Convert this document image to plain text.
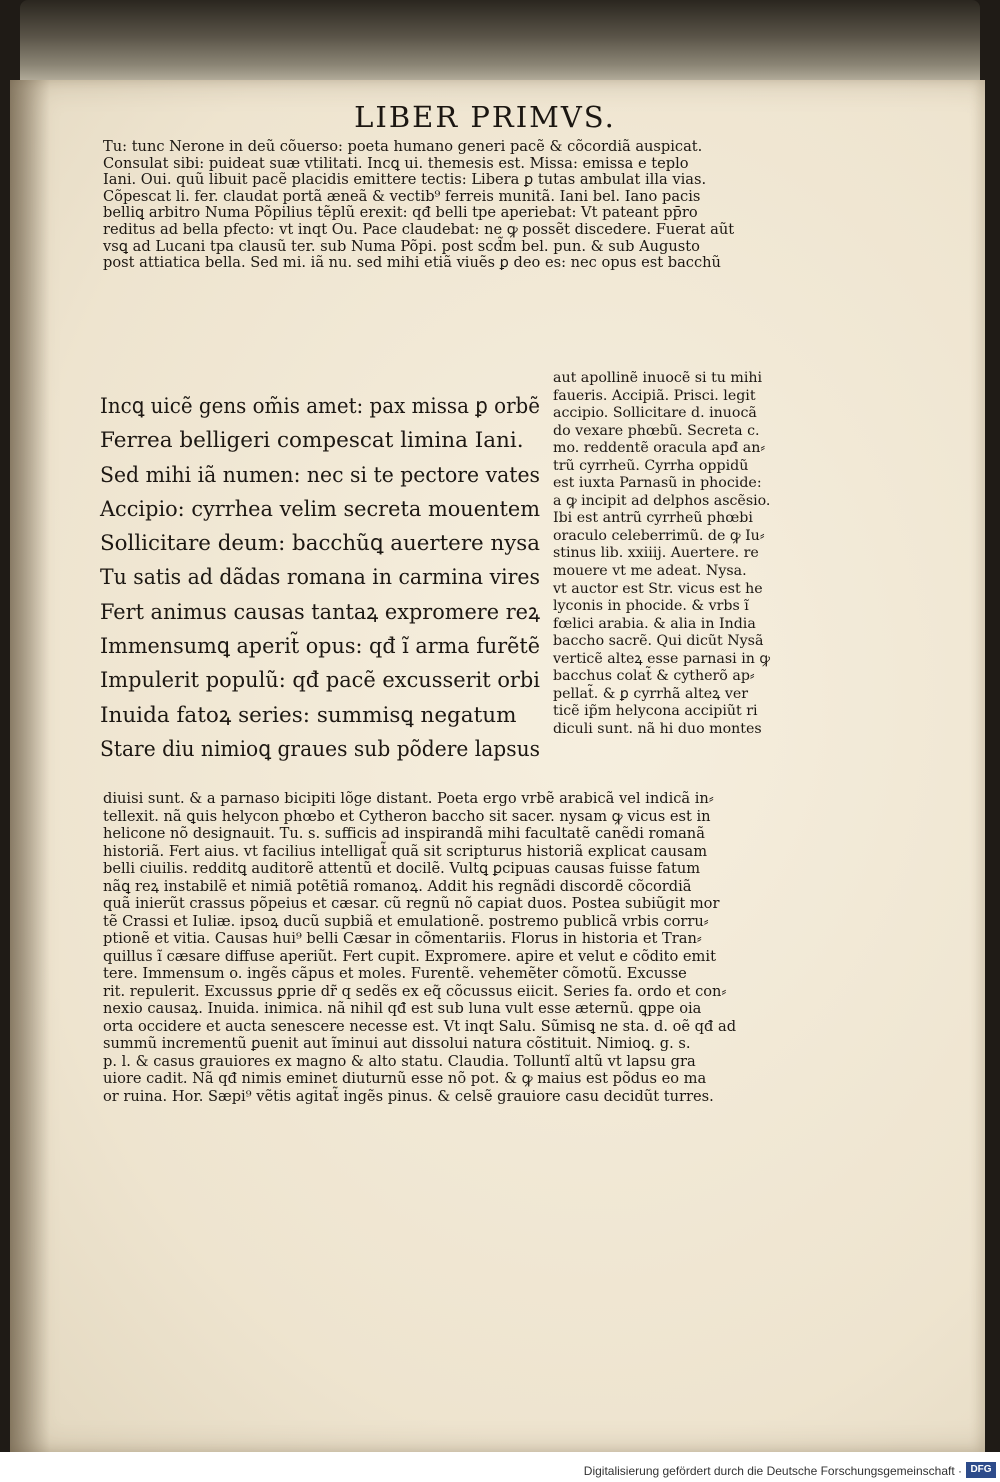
LIBER PRIMVS.
Tu: tunc Nerone in deũ cõuerso: poeta humano generi pacẽ & cõcordiã auspicat.
Consulat sibi: puideat suæ vtilitati. Incꝗ ui. themesis est. Missa: emissa e teplo
Iani. Oui. quũ libuit pacẽ placidis emittere tectis: Libera ꝑ tutas ambulat illa vias.
Cõpescat li. fer. claudat portã æneã & vectib⁹ ferreis munitã. Iani bel. Iano pacis
belliꝗ arbitro Numa Põpilius tẽplũ erexit: qđ belli tpe aperiebat: Vt pateant pp̄ro
reditus ad bella pfecto: vt inqt Ou. Pace claudebat: ne ꝙ possẽt discedere. Fuerat aũt
vsꝗ ad Lucani tpa clausũ ter. sub Numa Põpi. post scd̃m bel. pun. & sub Augusto
post attiatica bella. Sed mi. iã nu. sed mihi etiã viuẽs ꝑ deo es: nec opus est bacchũ
Incꝗ uicẽ gens om̃is amet: pax missa ꝑ orbẽ
Ferrea belligeri compescat limina Iani.
Sed mihi iã numen: nec si te pectore vates
Accipio: cyrrhea velim secreta mouentem
Sollicitare deum: bacchũꝗ auertere nysa
Tu satis ad dãdas romana in carmina vires
Fert animus causas tantaꝝ expromere reꝝ
Immensumꝗ aperit̃ opus: qđ ĩ arma furẽtẽ
Impulerit populũ: qđ pacẽ excusserit orbi
Inuida fatoꝝ series: summisꝗ negatum
Stare diu nimioꝗ graues sub põdere lapsus
aut apollinẽ inuocẽ si tu mihi
faueris. Accipiã. Prisci. legit
accipio. Sollicitare d. inuocã
do vexare phœbũ. Secreta c.
mo. reddentẽ oracula apđ an⸗
trũ cyrrheũ. Cyrrha oppidũ
est iuxta Parnasũ in phocide:
a ꝙ incipit ad delphos ascẽsio.
Ibi est antrũ cyrrheũ phœbi
oraculo celeberrimũ. de ꝙ Iu⸗
stinus lib. xxiiij. Auertere. re
mouere vt me adeat. Nysa.
vt auctor est Str. vicus est he
lyconis in phocide. & vrbs ĩ
fœlici arabia. & alia in India
baccho sacrẽ. Qui dicũt Nysã
verticẽ alteꝝ esse parnasi in ꝙ
bacchus colat̃ & cytherõ ap⸗
pellat̃. & ꝑ cyrrhã alteꝝ ver
ticẽ ip̃m helycona accipiũt ri
diculi sunt. nã hi duo montes
diuisi sunt. & a parnaso bicipiti lõge distant. Poeta ergo vrbẽ arabicã vel indicã in⸗
tellexit. nã ꝗuis helycon phœbo et Cytheron baccho sit sacer. nysam ꝙ vicus est in
helicone nõ designauit. Tu. s. sufficis ad inspirandã mihi facultatẽ canẽdi romanã
historiã. Fert aius. vt facilius intelligat̃ quã sit scripturus historiã explicat causam
belli ciuilis. redditꝗ auditorẽ attentũ et docilẽ. Vultꝗ ꝑcipuas causas fuisse fatum
nãꝗ reꝝ instabilẽ et nimiã potẽtiã romanoꝝ. Addit his regnãdi discordẽ cõcordiã
quã inierũt crassus põpeius et cæsar. cũ regnũ nõ capiat duos. Postea subiũgit mor
tẽ Crassi et Iuliæ. ipsoꝝ ducũ supbiã et emulationẽ. postremo publicã vrbis corru⸗
ptionẽ et vitia. Causas hui⁹ belli Cæsar in cõmentariis. Florus in historia et Tran⸗
quillus ĩ cæsare diffuse aperiũt. Fert cupit. Expromere. apire et velut e cõdito emit
tere. Immensum o. ingẽs cãpus et moles. Furentẽ. vehemẽter cõmotũ. Excusse
rit. repulerit. Excussus ꝑprie dr̃ q sedẽs ex eq̃ cõcussus eiicit. Series fa. ordo et con⸗
nexio causaꝝ. Inuida. inimica. nã nihil qđ est sub luna vult esse æternũ. ꝗppe oia
orta occidere et aucta senescere necesse est. Vt inqt Salu. Sũmisꝗ ne sta. d. oẽ qđ ad
summũ incrementũ ꝑuenit aut ĩminui aut dissolui natura cõstituit. Nimioꝗ. g. s.
p. l. & casus grauiores ex magno & alto statu. Claudia. Tolluntĩ altũ vt lapsu gra
uiore cadit. Nã qđ nimis eminet diuturnũ esse nõ pot. & ꝙ maius est põdus eo ma
or ruina. Hor. Sæpi⁹ vẽtis agitat̃ ingẽs pinus. & celsẽ grauiore casu decidũt turres.
Digitalisierung gefördert durch die Deutsche Forschungsgemeinschaft · DFG
